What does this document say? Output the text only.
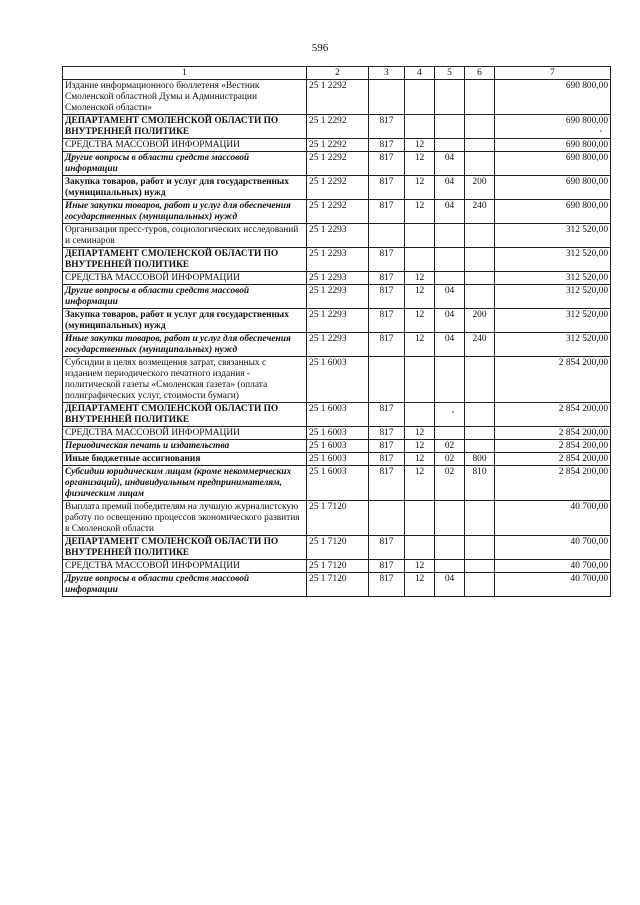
596
1	2	3	4	5	6	7
Издание информационного бюллетеня «Вестник Смоленской областной Думы и Администрации Смоленской области»	25 1 2292					690 800,00
ДЕПАРТАМЕНТ СМОЛЕНСКОЙ ОБЛАСТИ ПО ВНУТРЕННЕЙ ПОЛИТИКЕ	25 1 2292	817				690 800,00
СРЕДСТВА МАССОВОЙ ИНФОРМАЦИИ	25 1 2292	817	12			690 800,00
Другие вопросы в области средств массовой информации	25 1 2292	817	12	04		690 800,00
Закупка товаров, работ и услуг для государственных (муниципальных) нужд	25 1 2292	817	12	04	200	690 800,00
Иные закупки товаров, работ и услуг для обеспечения государственных (муниципальных) нужд	25 1 2292	817	12	04	240	690 800,00
Организация пресс-туров, социологических исследований и семинаров	25 1 2293					312 520,00
ДЕПАРТАМЕНТ СМОЛЕНСКОЙ ОБЛАСТИ ПО ВНУТРЕННЕЙ ПОЛИТИКЕ	25 1 2293	817				312 520,00
СРЕДСТВА МАССОВОЙ ИНФОРМАЦИИ	25 1 2293	817	12			312 520,00
Другие вопросы в области средств массовой информации	25 1 2293	817	12	04		312 520,00
Закупка товаров, работ и услуг для государственных (муниципальных) нужд	25 1 2293	817	12	04	200	312 520,00
Иные закупки товаров, работ и услуг для обеспечения государственных (муниципальных) нужд	25 1 2293	817	12	04	240	312 520,00
Субсидии в целях возмещения затрат, связанных с изданием периодического печатного издания - политической газеты «Смоленская газета» (оплата полиграфических услуг, стоимости бумаги)	25 1 6003					2 854 200,00
ДЕПАРТАМЕНТ СМОЛЕНСКОЙ ОБЛАСТИ ПО ВНУТРЕННЕЙ ПОЛИТИКЕ	25 1 6003	817				2 854 200,00
СРЕДСТВА МАССОВОЙ ИНФОРМАЦИИ	25 1 6003	817	12			2 854 200,00
Периодическая печать и издательства	25 1 6003	817	12	02		2 854 200,00
Иные бюджетные ассигнования	25 1 6003	817	12	02	800	2 854 200,00
Субсидии юридическим лицам (кроме некоммерческих организаций), индивидуальным предпринимателям, физическим лицам	25 1 6003	817	12	02	810	2 854 200,00
Выплата премий победителям на лучшую журналистскую работу по освещению процессов экономического развития в Смоленской области	25 1 7120					40 700,00
ДЕПАРТАМЕНТ СМОЛЕНСКОЙ ОБЛАСТИ ПО ВНУТРЕННЕЙ ПОЛИТИКЕ	25 1 7120	817				40 700,00
СРЕДСТВА МАССОВОЙ ИНФОРМАЦИИ	25 1 7120	817	12			40 700,00
Другие вопросы в области средств массовой информации	25 1 7120	817	12	04		40 700,00
